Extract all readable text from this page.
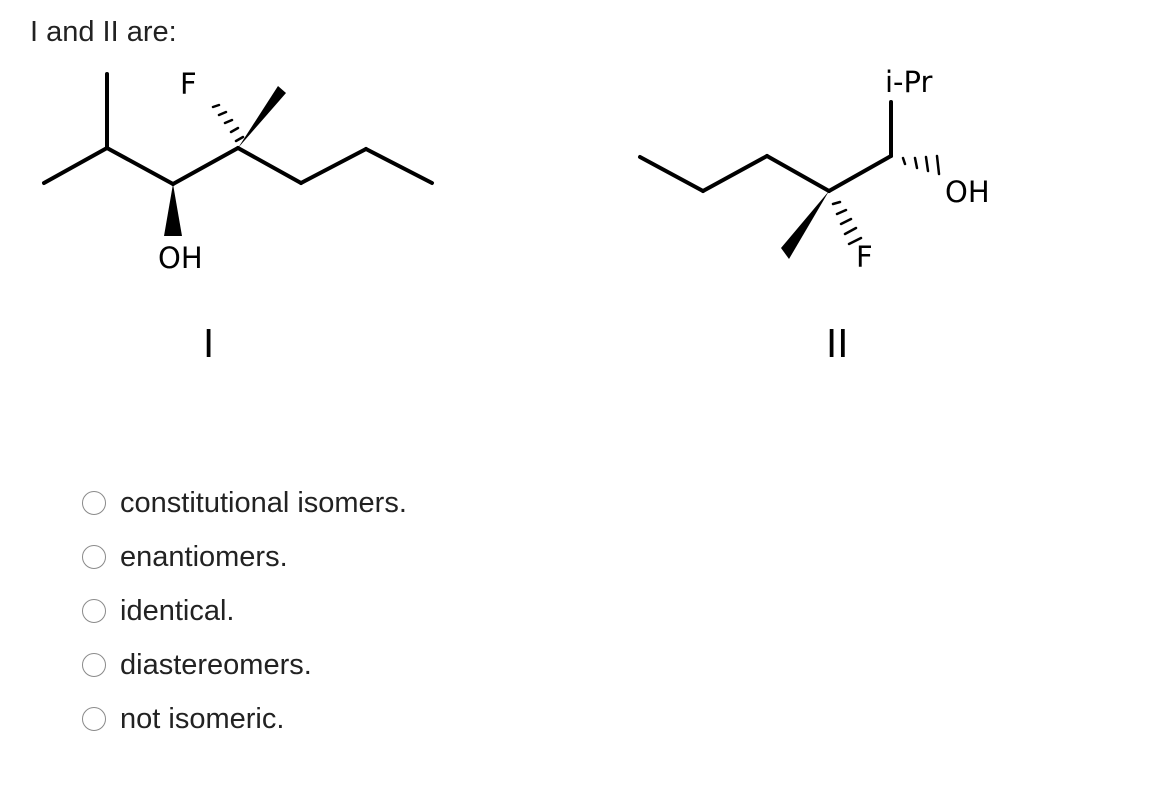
I and II are:
F
OH
I
i-Pr
OH
F
II
constitutional isomers.
enantiomers.
identical.
diastereomers.
not isomeric.
